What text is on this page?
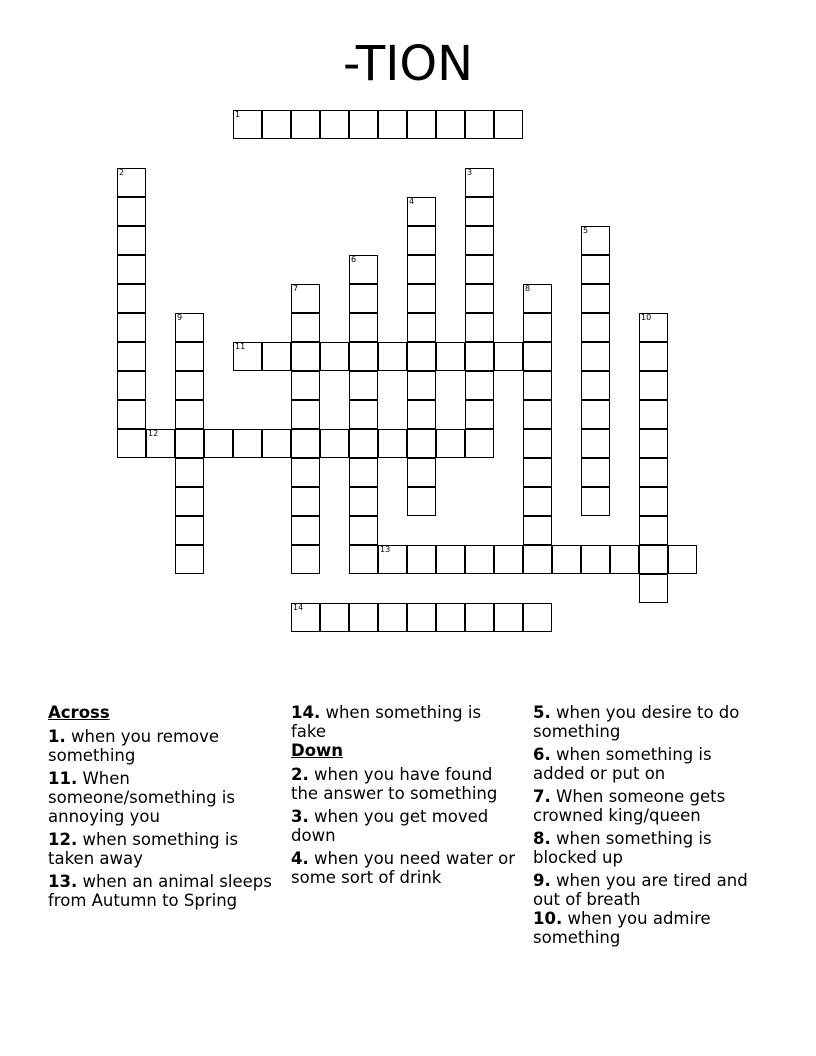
-TION
1
2	3
4
5
6
7	8
9	10
11
12
13
14
Across
1. when you remove something
11. When someone/something is annoying you
12. when something is taken away
13. when an animal sleeps from Autumn to Spring
14. when something is fake
Down
2. when you have found the answer to something
3. when you get moved down
4. when you need water or some sort of drink
5. when you desire to do something
6. when something is added or put on
7. When someone gets crowned king/queen
8. when something is blocked up
9. when you are tired and out of breath
10. when you admire something
